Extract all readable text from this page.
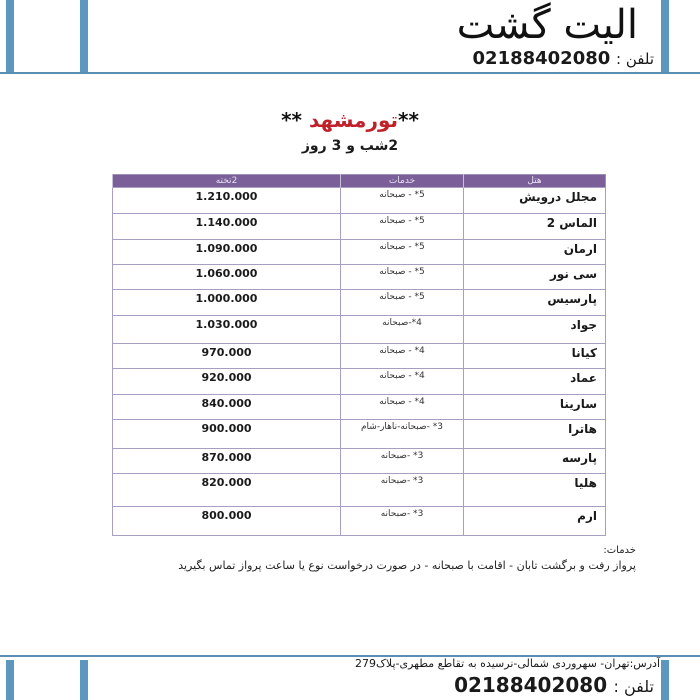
الیت گشت
تلفن : 02188402080
**تورمشهد **
2شب و 3 روز
هتل	خدمات	2تخته
مجلل درویش	5* - صبحانه	1.210.000
الماس 2	5* - صبحانه	1.140.000
ارمان	5* - صبحانه	1.090.000
سی نور	5* - صبحانه	1.060.000
پارسیس	5* - صبحانه	1.000.000
جواد	4*-صبحانه	1.030.000
کیانا	4* - صبحانه	970.000
عماد	4* - صبحانه	920.000
سارینا	4* - صبحانه	840.000
هاترا	3* -صبحانه-ناهار-شام	900.000
پارسه	3* -صبحانه	870.000
هلیا	3* -صبحانه	820.000
ارم	3* -صبحانه	800.000
خدمات:
پرواز رفت و برگشت تابان - اقامت با صبحانه - در صورت درخواست نوع یا ساعت پرواز تماس بگیرید
آدرس:تهران- سهروردی شمالی-نرسیده به تقاطع مطهری-پلاک279
تلفن : 02188402080
